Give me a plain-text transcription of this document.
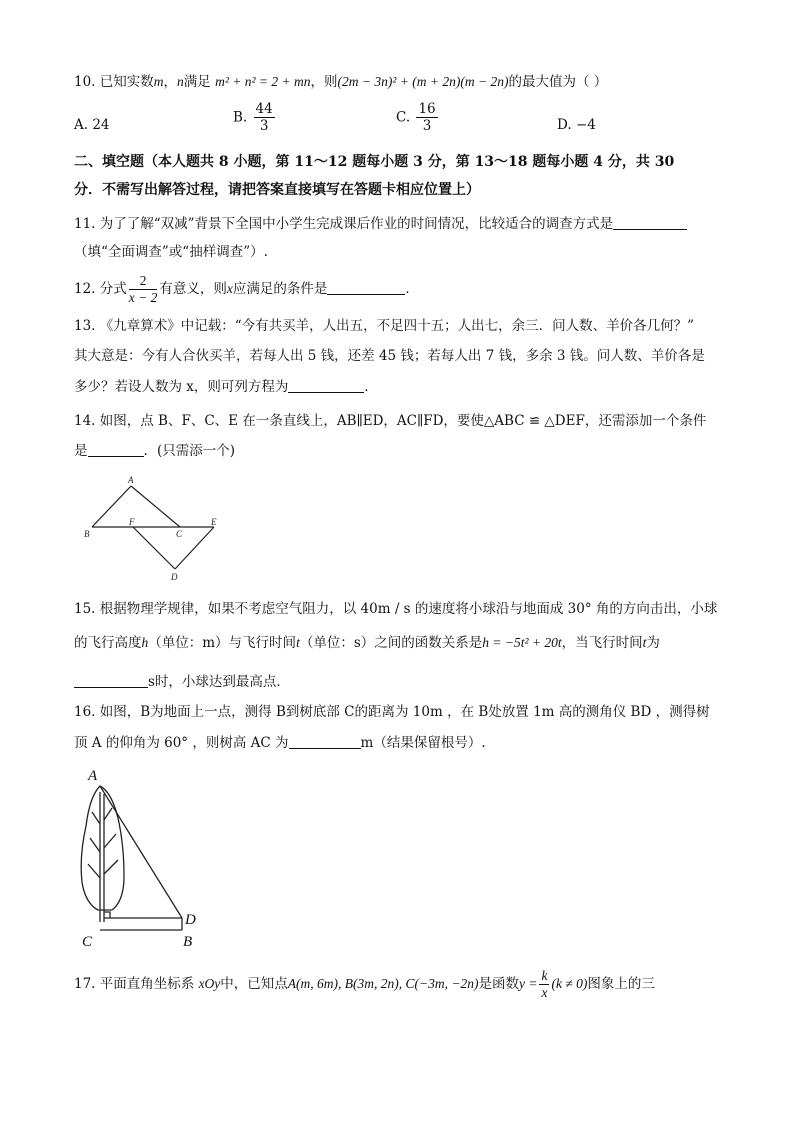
10. 已知实数m，n满足 m² + n² = 2 + mn，则(2m − 3n)² + (m + 2n)(m − 2n)的最大值为（ ）
A. 24	B. $\frac{44}{3}$	C. $\frac{16}{3}$	D. −4
二、填空题（本人题共 8 小题，第 11～12 题每小题 3 分，第 13～18 题每小题 4 分，共 30
分．不需写出解答过程，请把答案直接填写在答题卡相应位置上）
11. 为了了解“双减”背景下全国中小学生完成课后作业的时间情况，比较适合的调查方式是
（填“全面调查”或“抽样调查”）.
12. 分式 $\frac{2}{x - 2}$ 有意义，则x应满足的条件是	．
13. 《九章算术》中记载：“今有共买羊，人出五，不足四十五；人出七，余三．问人数、羊价各几何？”
其大意是：今有人合伙买羊，若每人出 5 钱，还差 45 钱；若每人出 7 钱，多余 3 钱。问人数、羊价各是
多少？若设人数为 x，则可列方程为	．
14. 如图，点 B、F、C、E 在一条直线上，AB∥ED，AC∥FD，要使△ABC ≌ △DEF，还需添加一个条件
是	．(只需添一个)
A
B
F
C
E
D
15. 根据物理学规律，如果不考虑空气阻力，以 40m / s 的速度将小球沿与地面成 30° 角的方向击出，小球
的飞行高度h（单位：m）与飞行时间t（单位：s）之间的函数关系是h = −5t² + 20t，当飞行时间t为
s时，小球达到最高点．
16. 如图，B为地面上一点，测得 B到树底部 C的距离为 10m ，在 B处放置 1m 高的测角仪 BD ，测得树
顶 A 的仰角为 60° ，则树高 AC 为	m（结果保留根号）.
A
C
D
B
17. 平面直角坐标系 xOy中，已知点A(m, 6m), B(3m, 2n), C(−3m, −2n)是函数$y = \frac{k}{x} (k \ne 0)$图象上的三
